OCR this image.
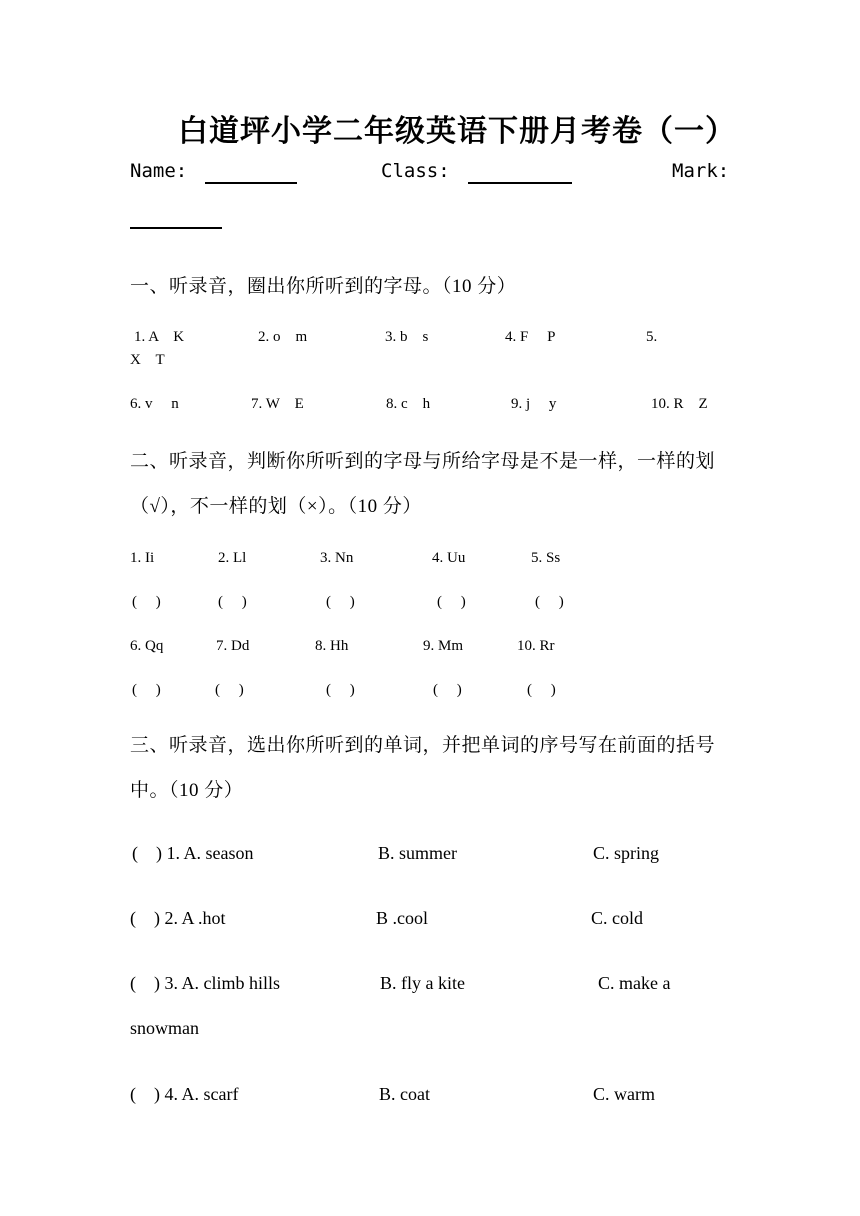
白道坪小学二年级英语下册月考卷（一）
Name:	Class:	Mark:
一、听录音，圈出你所听到的字母。（10 分）
1. A    K	2. o    m	3. b    s	4. F     P	5.
X    T
6. v     n	7. W    E	8. c    h	9. j     y	10. R    Z
二、听录音，判断你所听到的字母与所给字母是不是一样，一样的划
（√），不一样的划（×）。（10 分）
1. Ii	2. Ll	3. Nn	4. Uu	5. Ss
(     )	(     )	(     )	(     )	(     )
6. Qq	7. Dd	8. Hh	9. Mm	10. Rr
(     )	(     )	(     )	(     )	(     )
三、听录音，选出你所听到的单词，并把单词的序号写在前面的括号
中。（10 分）
(    ) 1. A. season	B. summer	C. spring
(    ) 2. A .hot	B .cool	C. cold
(    ) 3. A. climb hills	B. fly a kite	C. make a
snowman
(    ) 4. A. scarf	B. coat	C. warm
